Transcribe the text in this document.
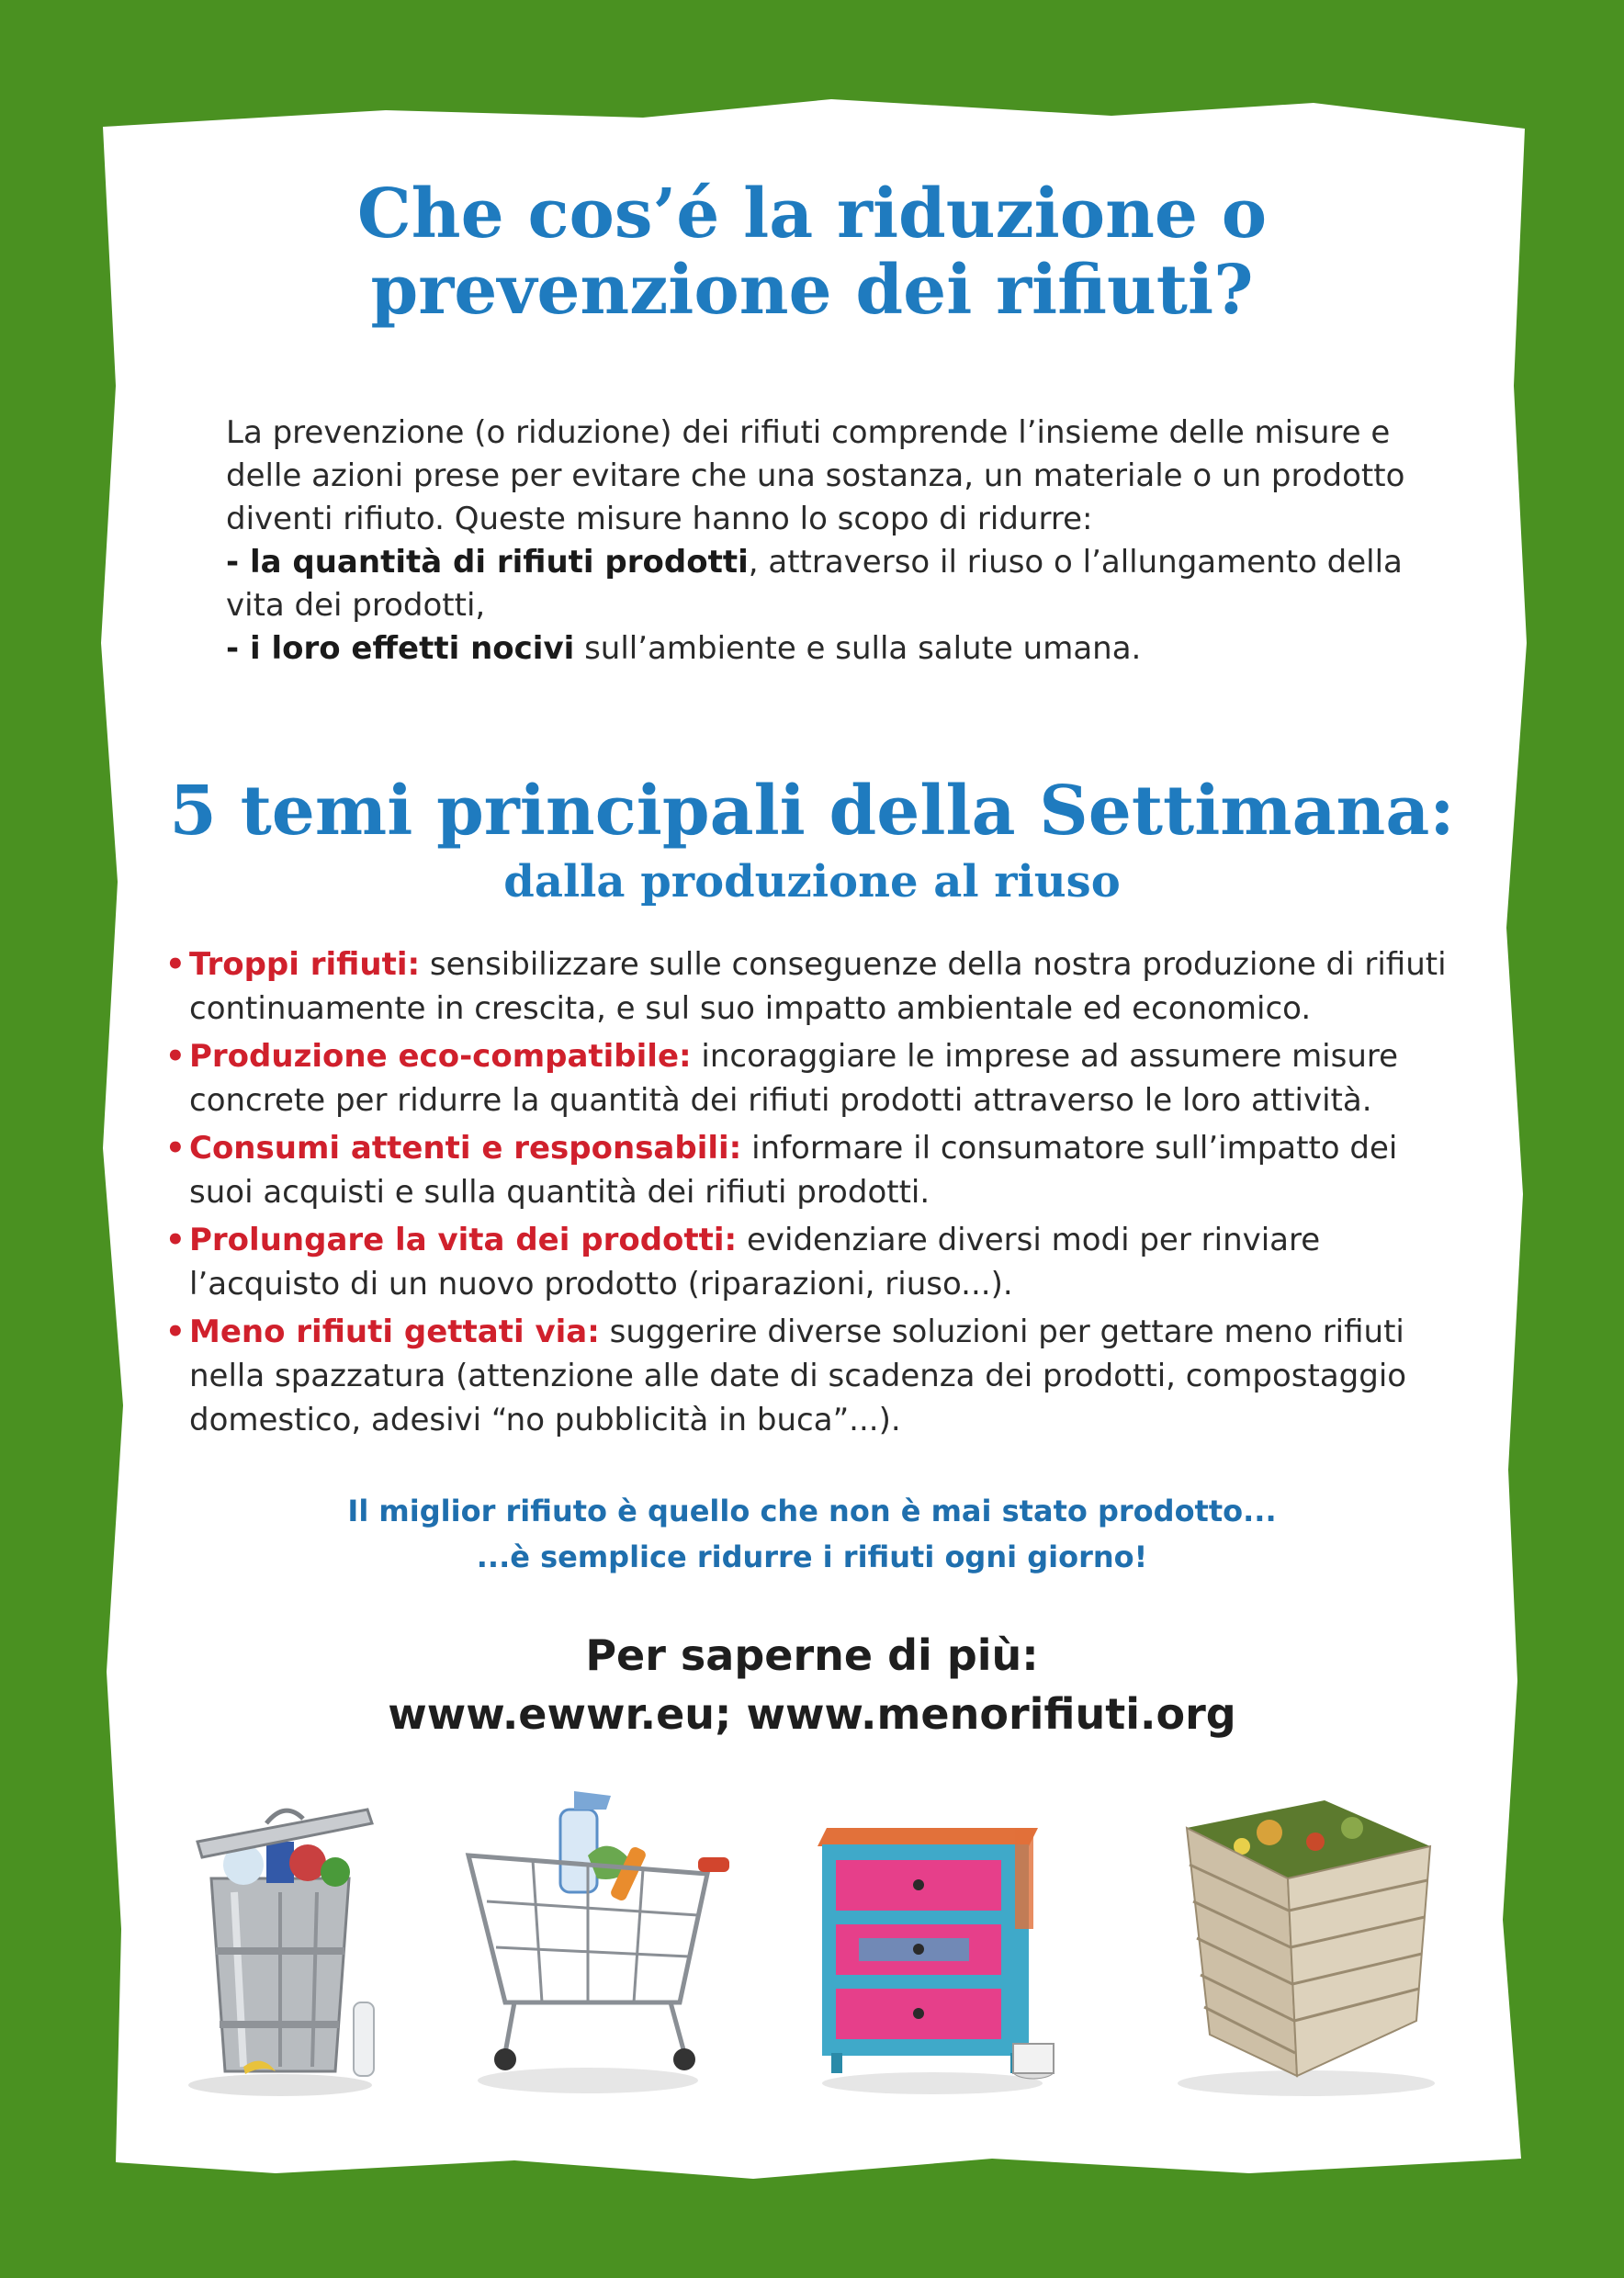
Che cos’é la riduzione o
prevenzione dei rifiuti?

La prevenzione (o riduzione) dei rifiuti comprende l’insieme delle misure e delle azioni prese per evitare che una sostanza, un materiale o un prodotto diventi rifiuto. Queste misure hanno lo scopo di ridurre:
- la quantità di rifiuti prodotti, attraverso il riuso o l’allungamento della vita dei prodotti,
- i loro effetti nocivi sull’ambiente e sulla salute umana.

5 temi principali della Settimana:
dalla produzione al riuso
• Troppi rifiuti: sensibilizzare sulle conseguenze della nostra produzione di rifiuti continuamente in crescita, e sul suo impatto ambientale ed economico.
• Produzione eco-compatibile: incoraggiare le imprese ad assumere misure concrete per ridurre la quantità dei rifiuti prodotti attraverso le loro attività.
• Consumi attenti e responsabili: informare il consumatore sull’impatto dei suoi acquisti e sulla quantità dei rifiuti prodotti.
• Prolungare la vita dei prodotti: evidenziare diversi modi per rinviare l’acquisto di un nuovo prodotto (riparazioni, riuso...).
• Meno rifiuti gettati via: suggerire diverse soluzioni per gettare meno rifiuti nella spazzatura (attenzione alle date di scadenza dei prodotti, compostaggio domestico, adesivi “no pubblicità in buca”...).
Il miglior rifiuto è quello che non è mai stato prodotto...
...è semplice ridurre i rifiuti ogni giorno!
Per saperne di più:
www.ewwr.eu; www.menorifiuti.org
